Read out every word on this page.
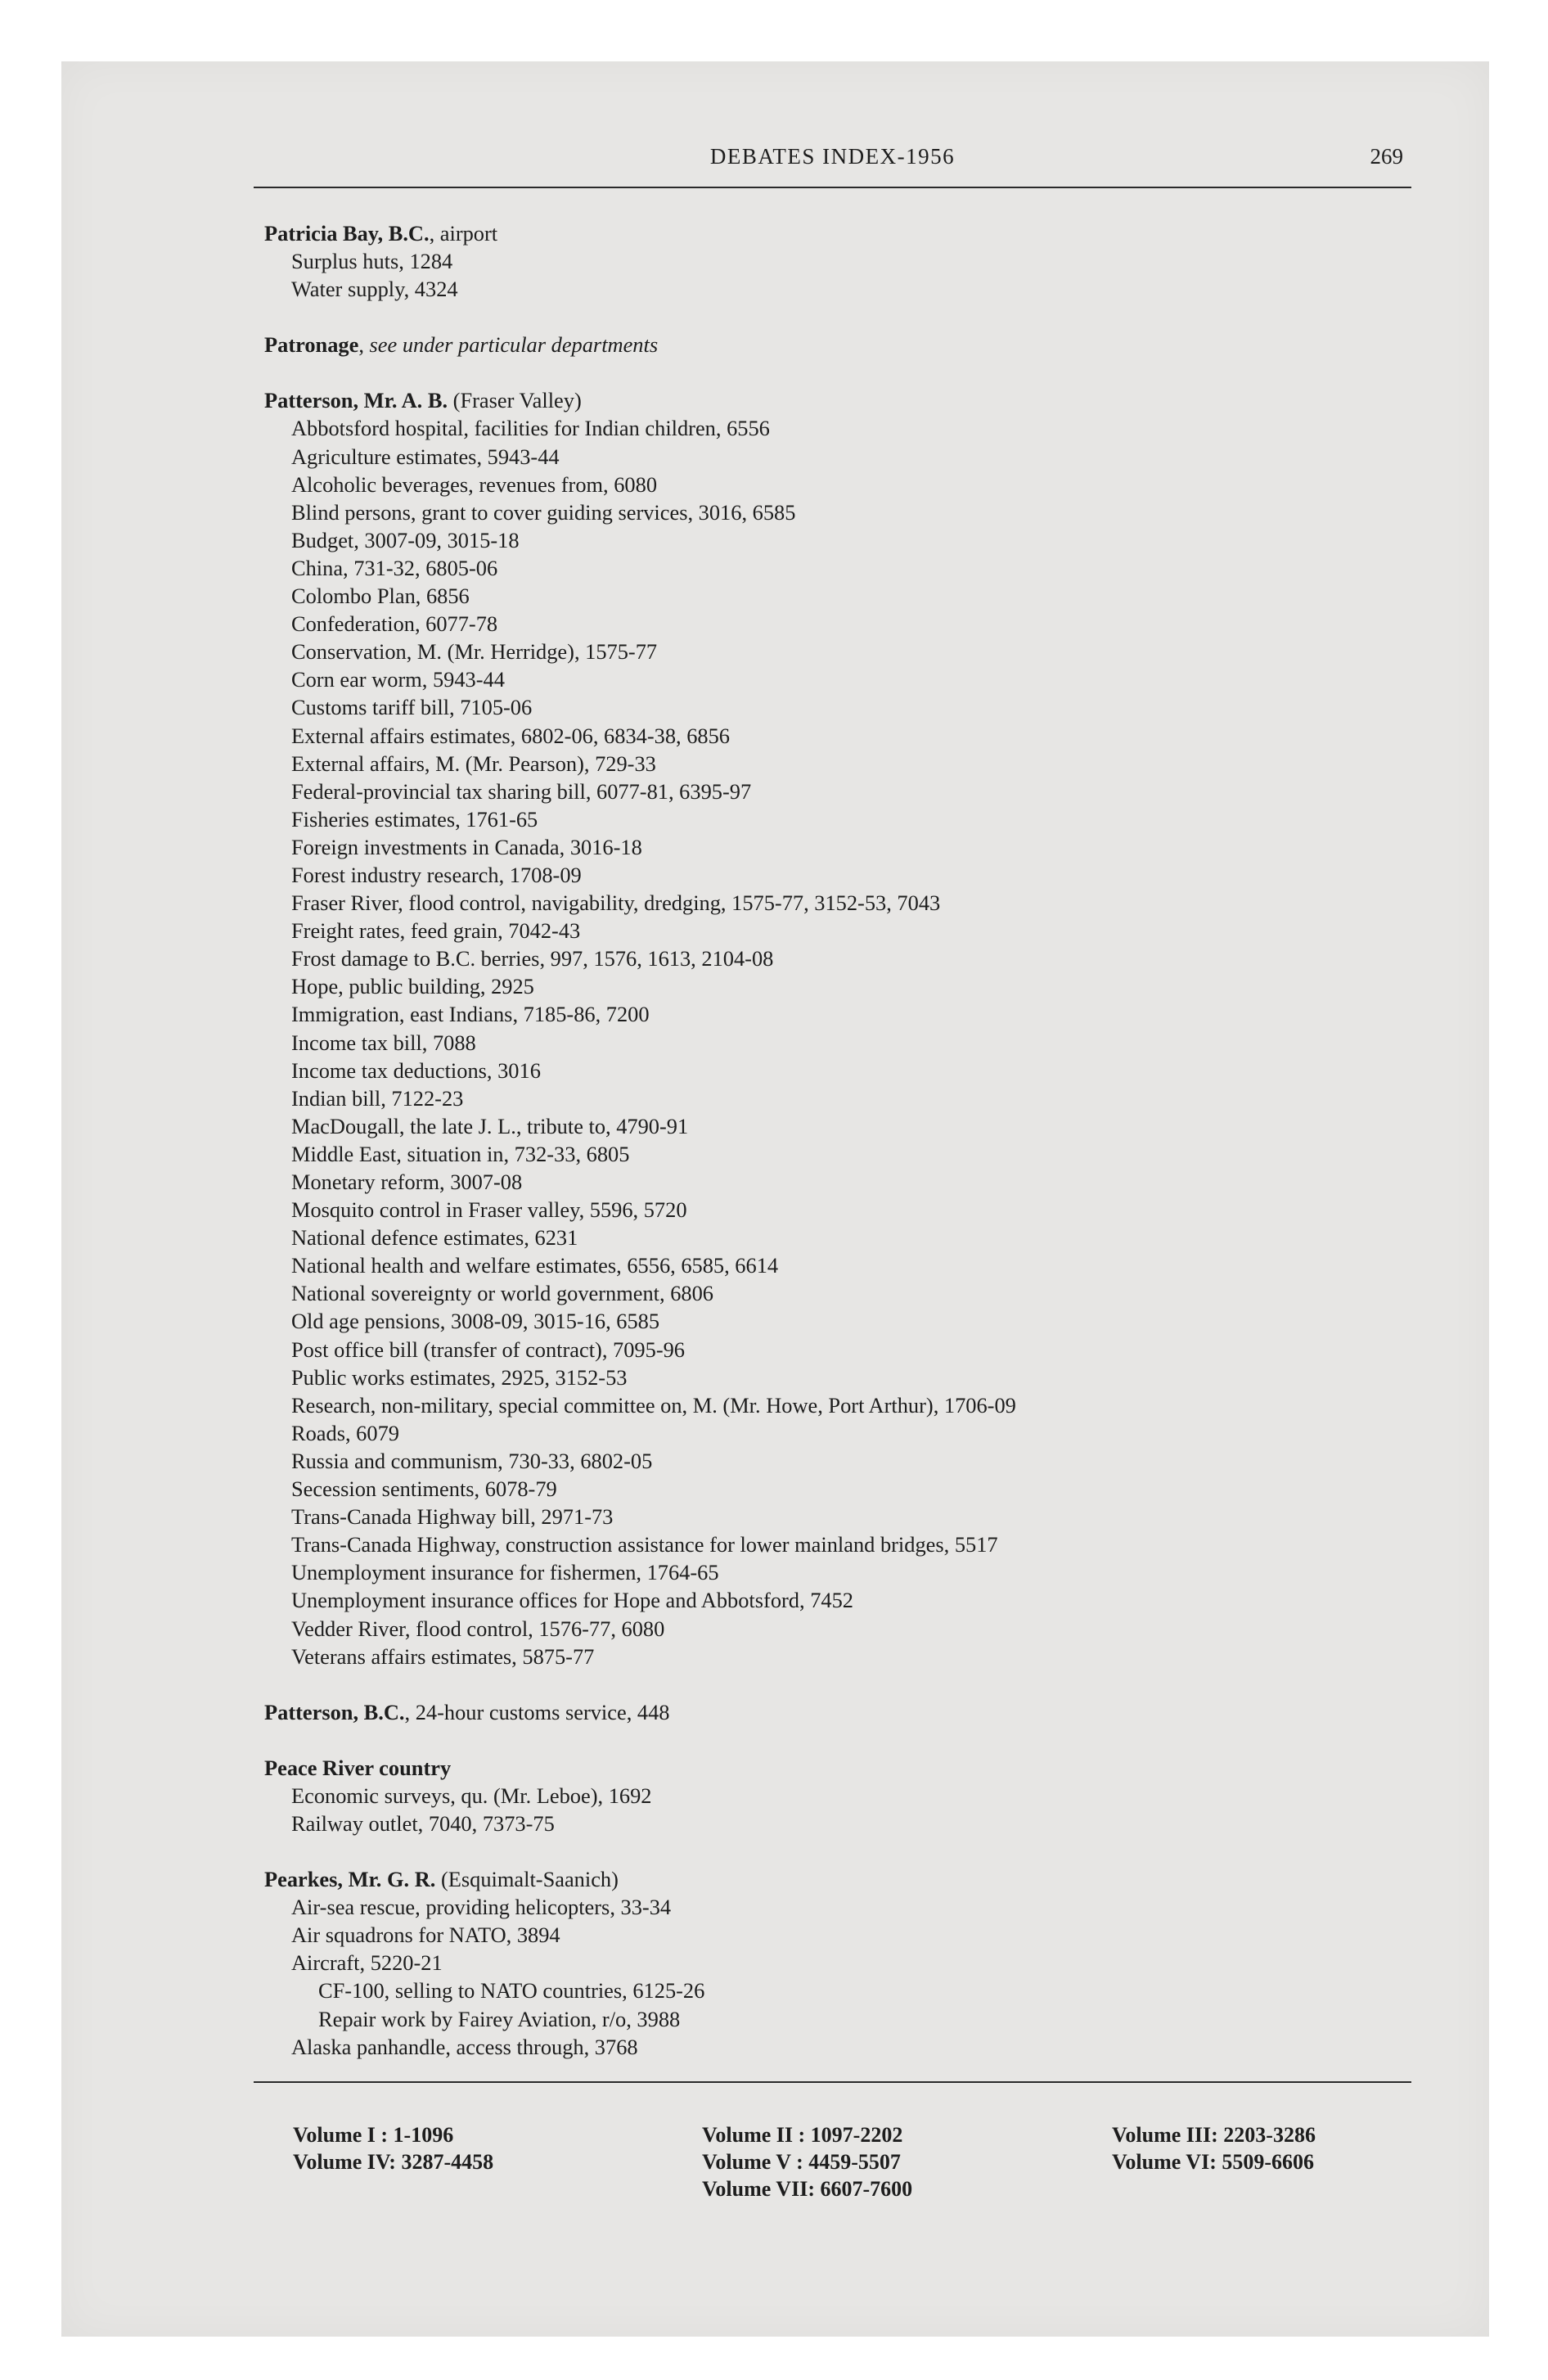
DEBATES INDEX-1956	269
Patricia Bay, B.C., airport
Surplus huts, 1284
Water supply, 4324
Patronage, see under particular departments
Patterson, Mr. A. B. (Fraser Valley)
Abbotsford hospital, facilities for Indian children, 6556
Agriculture estimates, 5943-44
Alcoholic beverages, revenues from, 6080
Blind persons, grant to cover guiding services, 3016, 6585
Budget, 3007-09, 3015-18
China, 731-32, 6805-06
Colombo Plan, 6856
Confederation, 6077-78
Conservation, M. (Mr. Herridge), 1575-77
Corn ear worm, 5943-44
Customs tariff bill, 7105-06
External affairs estimates, 6802-06, 6834-38, 6856
External affairs, M. (Mr. Pearson), 729-33
Federal-provincial tax sharing bill, 6077-81, 6395-97
Fisheries estimates, 1761-65
Foreign investments in Canada, 3016-18
Forest industry research, 1708-09
Fraser River, flood control, navigability, dredging, 1575-77, 3152-53, 7043
Freight rates, feed grain, 7042-43
Frost damage to B.C. berries, 997, 1576, 1613, 2104-08
Hope, public building, 2925
Immigration, east Indians, 7185-86, 7200
Income tax bill, 7088
Income tax deductions, 3016
Indian bill, 7122-23
MacDougall, the late J. L., tribute to, 4790-91
Middle East, situation in, 732-33, 6805
Monetary reform, 3007-08
Mosquito control in Fraser valley, 5596, 5720
National defence estimates, 6231
National health and welfare estimates, 6556, 6585, 6614
National sovereignty or world government, 6806
Old age pensions, 3008-09, 3015-16, 6585
Post office bill (transfer of contract), 7095-96
Public works estimates, 2925, 3152-53
Research, non-military, special committee on, M. (Mr. Howe, Port Arthur), 1706-09
Roads, 6079
Russia and communism, 730-33, 6802-05
Secession sentiments, 6078-79
Trans-Canada Highway bill, 2971-73
Trans-Canada Highway, construction assistance for lower mainland bridges, 5517
Unemployment insurance for fishermen, 1764-65
Unemployment insurance offices for Hope and Abbotsford, 7452
Vedder River, flood control, 1576-77, 6080
Veterans affairs estimates, 5875-77
Patterson, B.C., 24-hour customs service, 448
Peace River country
Economic surveys, qu. (Mr. Leboe), 1692
Railway outlet, 7040, 7373-75
Pearkes, Mr. G. R. (Esquimalt-Saanich)
Air-sea rescue, providing helicopters, 33-34
Air squadrons for NATO, 3894
Aircraft, 5220-21
CF-100, selling to NATO countries, 6125-26
Repair work by Fairey Aviation, r/o, 3988
Alaska panhandle, access through, 3768
Volume I : 1-1096
Volume IV: 3287-4458
Volume II : 1097-2202
Volume V : 4459-5507
Volume VII: 6607-7600
Volume III: 2203-3286
Volume VI: 5509-6606
